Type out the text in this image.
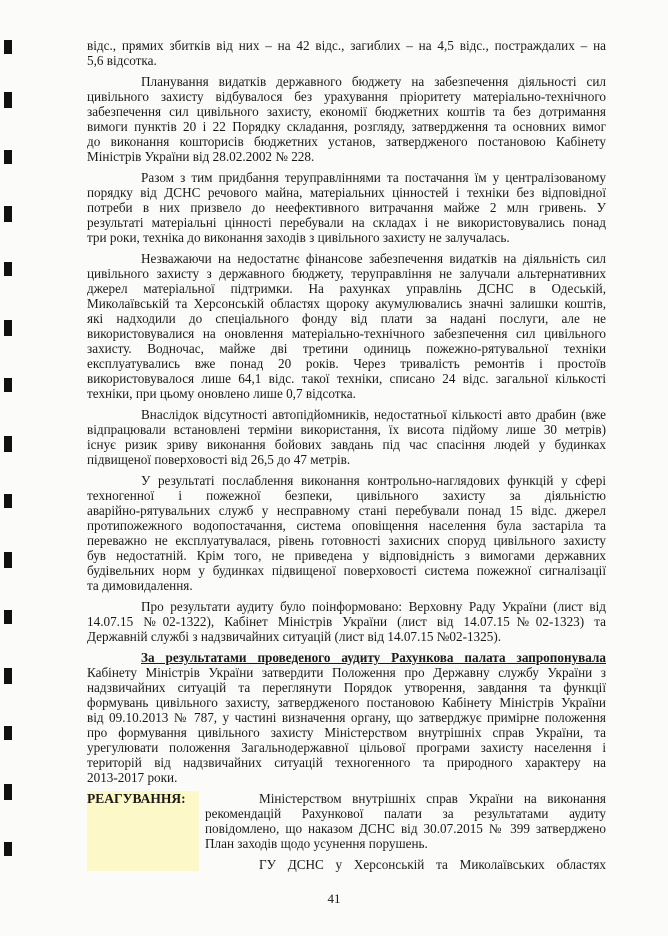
відс., прямих збитків від них – на 42 відс., загиблих – на 4,5 відс., постраждалих – на
5,6 відсотка.
Планування видатків державного бюджету на забезпечення діяльності сил
цивільного захисту відбувалося без урахування пріоритету матеріально-технічного
забезпечення сил цивільного захисту, економії бюджетних коштів та без дотримання
вимоги пунктів 20 і 22 Порядку складання, розгляду, затвердження та основних вимог
до виконання кошторисів бюджетних установ, затвердженого постановою Кабінету
Міністрів України від 28.02.2002 № 228.
Разом з тим придбання теруправліннями та постачання їм у централізованому
порядку від ДСНС речового майна, матеріальних цінностей і техніки без відповідної
потреби в них призвело до неефективного витрачання майже 2 млн гривень. У
результаті матеріальні цінності перебували на складах і не використовувались понад
три роки, техніка до виконання заходів з цивільного захисту не залучалась.
Незважаючи на недостатнє фінансове забезпечення видатків на діяльність сил
цивільного захисту з державного бюджету, теруправління не залучали альтернативних
джерел матеріальної підтримки. На рахунках управлінь ДСНС в Одеській,
Миколаївській та Херсонській областях щороку акумулювались значні залишки коштів,
які надходили до спеціального фонду від плати за надані послуги, але не
використовувалися на оновлення матеріально-технічного забезпечення сил цивільного
захисту. Водночас, майже дві третини одиниць пожежно-рятувальної техніки
експлуатувались вже понад 20 років. Через тривалість ремонтів і простоїв
використовувалося лише 64,1 відс. такої техніки, списано 24 відс. загальної кількості
техніки, при цьому оновлено лише 0,7 відсотка.
Внаслідок відсутності автопідйомників, недостатньої кількості авто драбин (вже
відпрацювали встановлені терміни використання, їх висота підйому лише 30 метрів)
існує ризик зриву виконання бойових завдань під час спасіння людей у будинках
підвищеної поверховості від 26,5 до 47 метрів.
У результаті послаблення виконання контрольно-наглядових функцій у сфері
техногенної і пожежної безпеки, цивільного захисту за діяльністю
аварійно-рятувальних служб у несправному стані перебували понад 15 відс. джерел
протипожежного водопостачання, система оповіщення населення була застаріла та
переважно не експлуатувалася, рівень готовності захисних споруд цивільного захисту
був недостатній. Крім того, не приведена у відповідність з вимогами державних
будівельних норм у будинках підвищеної поверховості система пожежної сигналізації
та димовидалення.
Про результати аудиту було поінформовано: Верховну Раду України (лист від
14.07.15 №02-1322), Кабінет Міністрів України (лист від 14.07.15№02-1323) та
Державній службі з надзвичайних ситуацій (лист від 14.07.15 №02-1325).
За результатами проведеного аудиту Рахункова палата запропонувала
Кабінету Міністрів України затвердити Положення про Державну службу України з
надзвичайних ситуацій та переглянути Порядок утворення, завдання та функції
формувань цивільного захисту, затвердженого постановою Кабінету Міністрів України
від 09.10.2013 № 787, у частині визначення органу, що затверджує примірне положення
про формування цивільного захисту Міністерством внутрішніх справ України, та
урегулювати положення Загальнодержавної цільової програми захисту населення і
територій від надзвичайних ситуацій техногенного та природного характеру на
2013-2017 роки.
РЕАГУВАННЯ:	Міністерством внутрішніх справ України на виконання
рекомендацій Рахункової палати за результатами аудиту
повідомлено, що наказом ДСНС від 30.07.2015 № 399 затверджено
План заходів щодо усунення порушень.
ГУ ДСНС у Херсонській та Миколаївських областях
41
